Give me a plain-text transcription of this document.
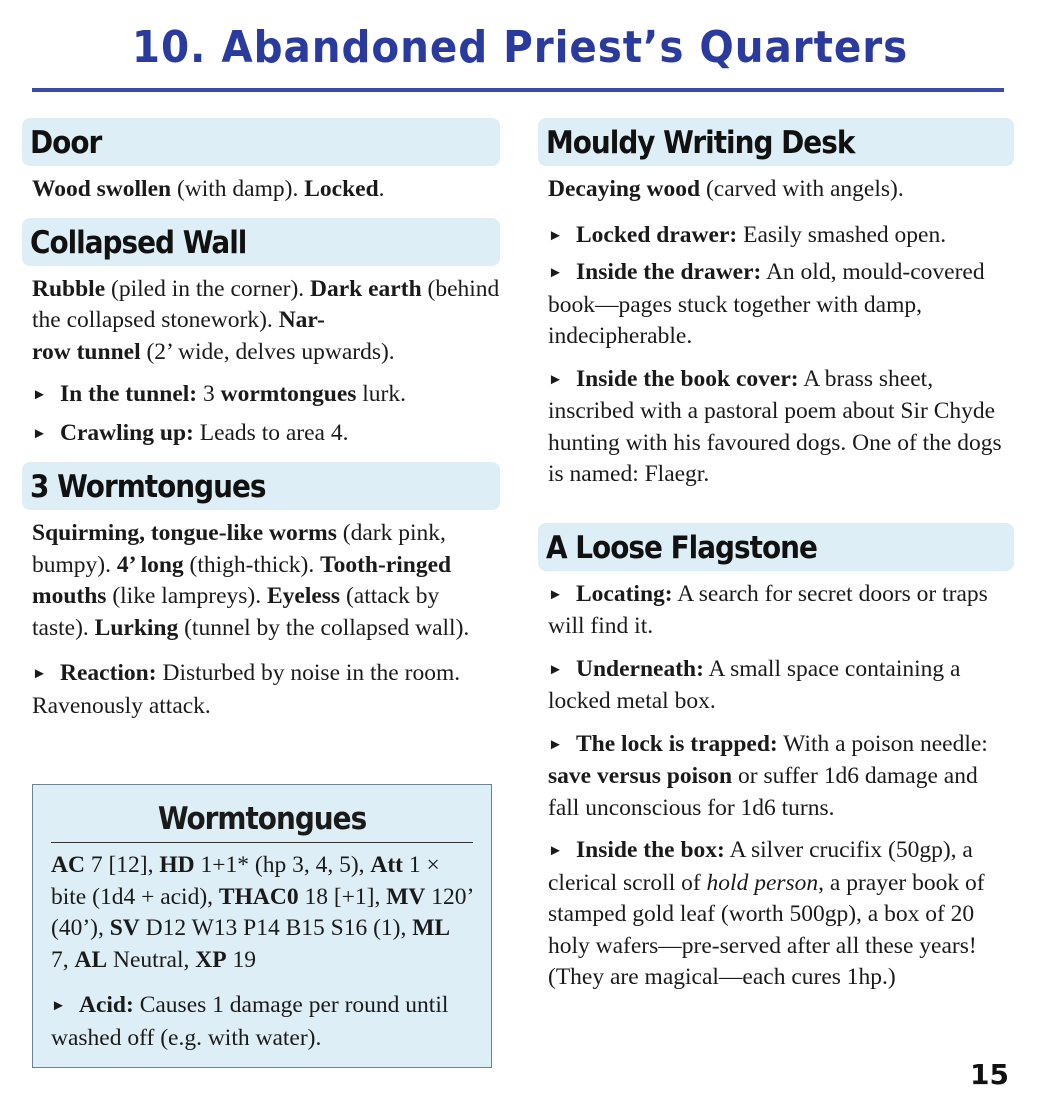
10. Abandoned Priest’s Quarters
Door

Wood swollen (with damp). Locked.

Collapsed Wall

Rubble (piled in the corner). Dark earth (behind the collapsed stonework). Nar-
row tunnel (2’ wide, delves upwards).

► In the tunnel: 3 wormtongues lurk.

► Crawling up: Leads to area 4.

3 Wormtongues

Squirming, tongue-like worms (dark pink, bumpy). 4’ long (thigh-thick). Tooth-ringed mouths (like lampreys). Eyeless (attack by taste). Lurking (tunnel by the collapsed wall).

► Reaction: Disturbed by noise in the room. Ravenously attack.

Wormtongues

AC 7 [12], HD 1+1* (hp 3, 4, 5), Att 1 × bite (1d4 + acid), THAC0 18 [+1], MV 120’ (40’), SV D12 W13 P14 B15 S16 (1), ML 7, AL Neutral, XP 19

► Acid: Causes 1 damage per round until washed off (e.g. with water).

Mouldy Writing Desk

Decaying wood (carved with angels).

► Locked drawer: Easily smashed open.

► Inside the drawer: An old, mould-covered book—pages stuck together with damp, indecipherable.

► Inside the book cover: A brass sheet, inscribed with a pastoral poem about Sir Chyde hunting with his favoured dogs. One of the dogs is named: Flaegr.

A Loose Flagstone

► Locating: A search for secret doors or traps will find it.

► Underneath: A small space containing a locked metal box.

► The lock is trapped: With a poison needle: save versus poison or suffer 1d6 damage and fall unconscious for 1d6 turns.

► Inside the box: A silver crucifix (50gp), a clerical scroll of hold person, a prayer book of stamped gold leaf (worth 500gp), a box of 20 holy wafers—pre-served after all these years! (They are magical—each cures 1hp.)

15
